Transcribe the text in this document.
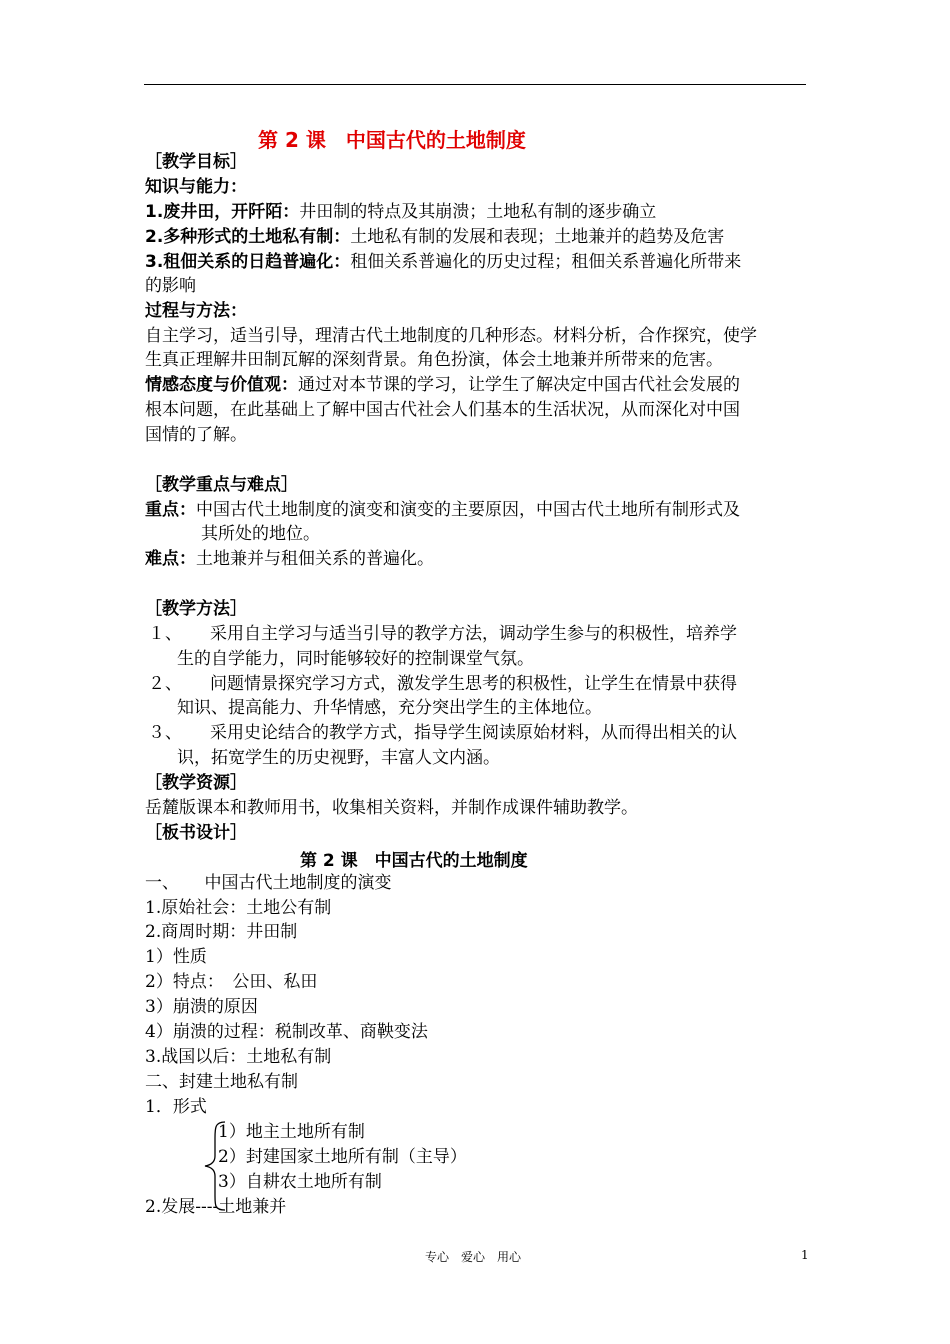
第 2 课　中国古代的土地制度
［教学目标］
知识与能力：
1.废井田，开阡陌：井田制的特点及其崩溃；土地私有制的逐步确立
2.多种形式的土地私有制：土地私有制的发展和表现；土地兼并的趋势及危害
3.租佃关系的日趋普遍化：租佃关系普遍化的历史过程；租佃关系普遍化所带来
的影响
过程与方法：
自主学习，适当引导，理清古代土地制度的几种形态。材料分析，合作探究，使学
生真正理解井田制瓦解的深刻背景。角色扮演，体会土地兼并所带来的危害。
情感态度与价值观：通过对本节课的学习，让学生了解决定中国古代社会发展的
根本问题，在此基础上了解中国古代社会人们基本的生活状况，从而深化对中国
国情的了解。
［教学重点与难点］
重点：中国古代土地制度的演变和演变的主要原因，中国古代土地所有制形式及
其所处的地位。
难点：土地兼并与租佃关系的普遍化。
［教学方法］
１、 采用自主学习与适当引导的教学方法，调动学生参与的积极性，培养学
生的自学能力，同时能够较好的控制课堂气氛。
２、 问题情景探究学习方式，激发学生思考的积极性，让学生在情景中获得
知识、提高能力、升华情感，充分突出学生的主体地位。
３、 采用史论结合的教学方式，指导学生阅读原始材料，从而得出相关的认
识，拓宽学生的历史视野，丰富人文内涵。
［教学资源］
岳麓版课本和教师用书，收集相关资料，并制作成课件辅助教学。
［板书设计］
第 2 课　中国古代的土地制度
一、　　中国古代土地制度的演变
1.原始社会：土地公有制
2.商周时期：井田制
1）性质
2）特点：　公田、私田
3）崩溃的原因
4）崩溃的过程：税制改革、商鞅变法
3.战国以后：土地私有制
二、封建土地私有制
1．形式
1）地主土地所有制
2）封建国家土地所有制（主导）
3）自耕农土地所有制
2.发展----土地兼并
专心　爱心　用心	1
